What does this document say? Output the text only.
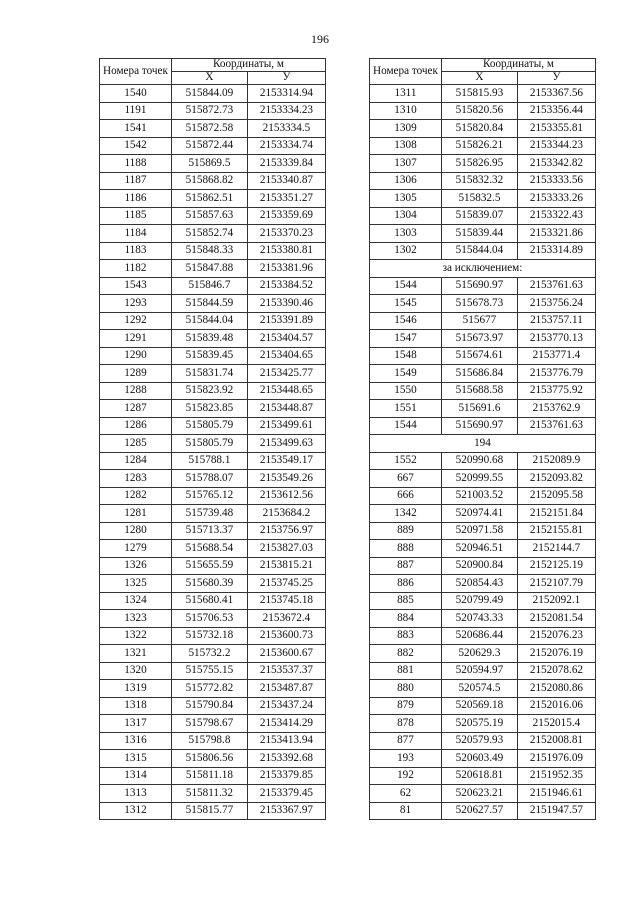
196
Номера точек	Координаты, м	
	X	У
1540	515844.09	2153314.94
1191	515872.73	2153334.23
1541	515872.58	2153334.5
1542	515872.44	2153334.74
1188	515869.5	2153339.84
1187	515868.82	2153340.87
1186	515862.51	2153351.27
1185	515857.63	2153359.69
1184	515852.74	2153370.23
1183	515848.33	2153380.81
1182	515847.88	2153381.96
1543	515846.7	2153384.52
1293	515844.59	2153390.46
1292	515844.04	2153391.89
1291	515839.48	2153404.57
1290	515839.45	2153404.65
1289	515831.74	2153425.77
1288	515823.92	2153448.65
1287	515823.85	2153448.87
1286	515805.79	2153499.61
1285	515805.79	2153499.63
1284	515788.1	2153549.17
1283	515788.07	2153549.26
1282	515765.12	2153612.56
1281	515739.48	2153684.2
1280	515713.37	2153756.97
1279	515688.54	2153827.03
1326	515655.59	2153815.21
1325	515680.39	2153745.25
1324	515680.41	2153745.18
1323	515706.53	2153672.4
1322	515732.18	2153600.73
1321	515732.2	2153600.67
1320	515755.15	2153537.37
1319	515772.82	2153487.87
1318	515790.84	2153437.24
1317	515798.67	2153414.29
1316	515798.8	2153413.94
1315	515806.56	2153392.68
1314	515811.18	2153379.85
1313	515811.32	2153379.45
1312	515815.77	2153367.97
Номера точек	Координаты, м	
	X	У
1311	515815.93	2153367.56
1310	515820.56	2153356.44
1309	515820.84	2153355.81
1308	515826.21	2153344.23
1307	515826.95	2153342.82
1306	515832.32	2153333.56
1305	515832.5	2153333.26
1304	515839.07	2153322.43
1303	515839.44	2153321.86
1302	515844.04	2153314.89
за исключением:		
1544	515690.97	2153761.63
1545	515678.73	2153756.24
1546	515677	2153757.11
1547	515673.97	2153770.13
1548	515674.61	2153771.4
1549	515686.84	2153776.79
1550	515688.58	2153775.92
1551	515691.6	2153762.9
1544	515690.97	2153761.63
194		
1552	520990.68	2152089.9
667	520999.55	2152093.82
666	521003.52	2152095.58
1342	520974.41	2152151.84
889	520971.58	2152155.81
888	520946.51	2152144.7
887	520900.84	2152125.19
886	520854.43	2152107.79
885	520799.49	2152092.1
884	520743.33	2152081.54
883	520686.44	2152076.23
882	520629.3	2152076.19
881	520594.97	2152078.62
880	520574.5	2152080.86
879	520569.18	2152016.06
878	520575.19	2152015.4
877	520579.93	2152008.81
193	520603.49	2151976.09
192	520618.81	2151952.35
62	520623.21	2151946.61
81	520627.57	2151947.57
